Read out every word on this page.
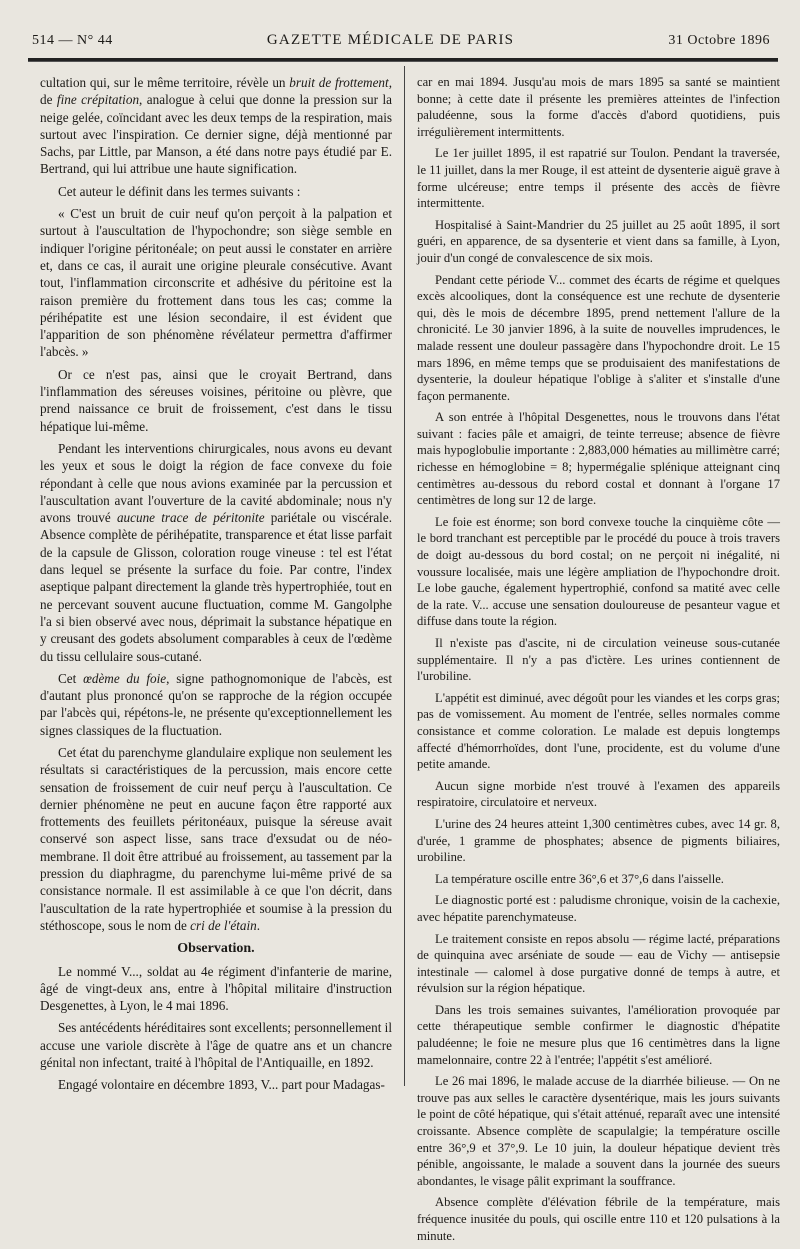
514 — N° 44	GAZETTE MÉDICALE DE PARIS	31 Octobre 1896

cultation qui, sur le même territoire, révèle un bruit de frottement, de fine crépitation, analogue à celui que donne la pression sur la neige gelée, coïncidant avec les deux temps de la respiration, mais surtout avec l'inspiration. Ce dernier signe, déjà mentionné par Sachs, par Little, par Manson, a été dans notre pays étudié par E. Bertrand, qui lui attribue une haute signification.

Cet auteur le définit dans les termes suivants :

« C'est un bruit de cuir neuf qu'on perçoit à la palpation et surtout à l'auscultation de l'hypochondre; son siège semble en indiquer l'origine péritonéale; on peut aussi le constater en arrière et, dans ce cas, il aurait une origine pleurale consécutive. Avant tout, l'inflammation circonscrite et adhésive du péritoine est la raison première du frottement dans tous les cas; comme la périhépatite est une lésion secondaire, il est évident que l'apparition de son phénomène révélateur permettra d'affirmer l'abcès. »

Or ce n'est pas, ainsi que le croyait Bertrand, dans l'inflammation des séreuses voisines, péritoine ou plèvre, que prend naissance ce bruit de froissement, c'est dans le tissu hépatique lui-même.

Pendant les interventions chirurgicales, nous avons eu devant les yeux et sous le doigt la région de face convexe du foie répondant à celle que nous avions examinée par la percussion et l'auscultation avant l'ouverture de la cavité abdominale; nous n'y avons trouvé aucune trace de péritonite pariétale ou viscérale. Absence complète de périhépatite, transparence et état lisse parfait de la capsule de Glisson, coloration rouge vineuse : tel est l'état dans lequel se présente la surface du foie. Par contre, l'index aseptique palpant directement la glande très hypertrophiée, tout en ne percevant souvent aucune fluctuation, comme M. Gangolphe l'a si bien observé avec nous, déprimait la substance hépatique en y creusant des godets absolument comparables à ceux de l'œdème du tissu cellulaire sous-cutané.

Cet œdème du foie, signe pathognomonique de l'abcès, est d'autant plus prononcé qu'on se rapproche de la région occupée par l'abcès qui, répétons-le, ne présente qu'exceptionnellement les signes classiques de la fluctuation.

Cet état du parenchyme glandulaire explique non seulement les résultats si caractéristiques de la percussion, mais encore cette sensation de froissement de cuir neuf perçu à l'auscultation. Ce dernier phénomène ne peut en aucune façon être rapporté aux frottements des feuillets péritonéaux, puisque la séreuse avait conservé son aspect lisse, sans trace d'exsudat ou de néo-membrane. Il doit être attribué au froissement, au tassement par la pression du diaphragme, du parenchyme lui-même privé de sa consistance normale. Il est assimilable à ce que l'on décrit, dans l'auscultation de la rate hypertrophiée et soumise à la pression du stéthoscope, sous le nom de cri de l'étain.

Observation.

Le nommé V..., soldat au 4e régiment d'infanterie de marine, âgé de vingt-deux ans, entre à l'hôpital militaire d'instruction Desgenettes, à Lyon, le 4 mai 1896.

Ses antécédents héréditaires sont excellents; personnellement il accuse une variole discrète à l'âge de quatre ans et un chancre génital non infectant, traité à l'hôpital de l'Antiquaille, en 1892.

Engagé volontaire en décembre 1893, V... part pour Madagas-

car en mai 1894. Jusqu'au mois de mars 1895 sa santé se maintient bonne; à cette date il présente les premières atteintes de l'infection paludéenne, sous la forme d'accès d'abord quotidiens, puis irrégulièrement intermittents.

Le 1er juillet 1895, il est rapatrié sur Toulon. Pendant la traversée, le 11 juillet, dans la mer Rouge, il est atteint de dysenterie aiguë grave à forme ulcéreuse; entre temps il présente des accès de fièvre intermittente.

Hospitalisé à Saint-Mandrier du 25 juillet au 25 août 1895, il sort guéri, en apparence, de sa dysenterie et vient dans sa famille, à Lyon, jouir d'un congé de convalescence de six mois.

Pendant cette période V... commet des écarts de régime et quelques excès alcooliques, dont la conséquence est une rechute de dysenterie qui, dès le mois de décembre 1895, prend nettement l'allure de la chronicité. Le 30 janvier 1896, à la suite de nouvelles imprudences, le malade ressent une douleur passagère dans l'hypochondre droit. Le 15 mars 1896, en même temps que se produisaient des manifestations de dysenterie, la douleur hépatique l'oblige à s'aliter et s'installe d'une façon permanente.

A son entrée à l'hôpital Desgenettes, nous le trouvons dans l'état suivant : facies pâle et amaigri, de teinte terreuse; absence de fièvre mais hypoglobulie importante : 2,883,000 hématies au millimètre carré; richesse en hémoglobine = 8; hypermégalie splénique atteignant cinq centimètres au-dessous du rebord costal et donnant à l'organe 17 centimètres de long sur 12 de large.

Le foie est énorme; son bord convexe touche la cinquième côte — le bord tranchant est perceptible par le procédé du pouce à trois travers de doigt au-dessous du bord costal; on ne perçoit ni inégalité, ni voussure localisée, mais une légère ampliation de l'hypochondre droit. Le lobe gauche, également hypertrophié, confond sa matité avec celle de la rate. V... accuse une sensation douloureuse de pesanteur vague et diffuse dans toute la région.

Il n'existe pas d'ascite, ni de circulation veineuse sous-cutanée supplémentaire. Il n'y a pas d'ictère. Les urines contiennent de l'urobiline.

L'appétit est diminué, avec dégoût pour les viandes et les corps gras; pas de vomissement. Au moment de l'entrée, selles normales comme consistance et comme coloration. Le malade est depuis longtemps affecté d'hémorrhoïdes, dont l'une, procidente, est du volume d'une petite amande.

Aucun signe morbide n'est trouvé à l'examen des appareils respiratoire, circulatoire et nerveux.

L'urine des 24 heures atteint 1,300 centimètres cubes, avec 14 gr. 8, d'urée, 1 gramme de phosphates; absence de pigments biliaires, urobiline.

La température oscille entre 36°,6 et 37°,6 dans l'aisselle.

Le diagnostic porté est : paludisme chronique, voisin de la cachexie, avec hépatite parenchymateuse.

Le traitement consiste en repos absolu — régime lacté, préparations de quinquina avec arséniate de soude — eau de Vichy — antisepsie intestinale — calomel à dose purgative donné de temps à autre, et révulsion sur la région hépatique.

Dans les trois semaines suivantes, l'amélioration provoquée par cette thérapeutique semble confirmer le diagnostic d'hépatite paludéenne; le foie ne mesure plus que 16 centimètres dans la ligne mamelonnaire, contre 22 à l'entrée; l'appétit s'est amélioré.

Le 26 mai 1896, le malade accuse de la diarrhée bilieuse. — On ne trouve pas aux selles le caractère dysentérique, mais les jours suivants le point de côté hépatique, qui s'était atténué, reparaît avec une intensité croissante. Absence complète de scapulalgie; la température oscille entre 36°,9 et 37°,9. Le 10 juin, la douleur hépatique devient très pénible, angoissante, le malade a souvent dans la journée des sueurs abondantes, le visage pâlit exprimant la souffrance.

Absence complète d'élévation fébrile de la température, mais fréquence inusitée du pouls, qui oscille entre 110 et 120 pulsations à la minute.
